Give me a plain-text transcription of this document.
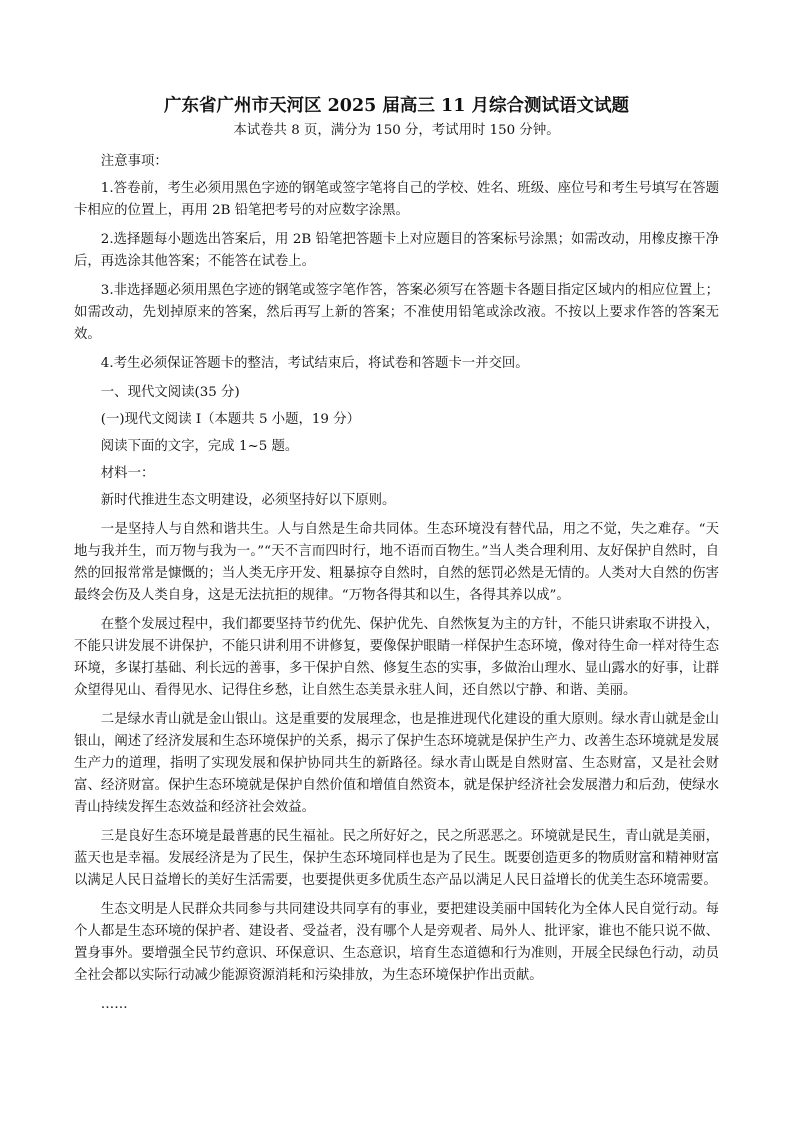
广东省广州市天河区 2025 届高三 11 月综合测试语文试题

本试卷共 8 页，满分为 150 分，考试用时 150 分钟。

注意事项：

1.答卷前，考生必须用黑色字迹的钢笔或签字笔将自己的学校、姓名、班级、座位号和考生号填写在答题卡相应的位置上，再用 2B 铅笔把考号的对应数字涂黑。

2.选择题每小题选出答案后，用 2B 铅笔把答题卡上对应题目的答案标号涂黑；如需改动，用橡皮擦干净后，再选涂其他答案；不能答在试卷上。

3.非选择题必须用黑色字迹的钢笔或签字笔作答，答案必须写在答题卡各题目指定区域内的相应位置上；如需改动，先划掉原来的答案，然后再写上新的答案；不准使用铅笔或涂改液。不按以上要求作答的答案无效。

4.考生必须保证答题卡的整洁，考试结束后，将试卷和答题卡一并交回。

一、现代文阅读(35 分)

(一)现代文阅读 I（本题共 5 小题，19 分）

阅读下面的文字，完成 1~5 题。

材料一：

新时代推进生态文明建设，必须坚持好以下原则。

一是坚持人与自然和谐共生。人与自然是生命共同体。生态环境没有替代品，用之不觉，失之难存。“天地与我并生，而万物与我为一。”“天不言而四时行，地不语而百物生。”当人类合理利用、友好保护自然时，自然的回报常常是慷慨的；当人类无序开发、粗暴掠夺自然时，自然的惩罚必然是无情的。人类对大自然的伤害最终会伤及人类自身，这是无法抗拒的规律。“万物各得其和以生，各得其养以成”。

在整个发展过程中，我们都要坚持节约优先、保护优先、自然恢复为主的方针，不能只讲索取不讲投入，不能只讲发展不讲保护，不能只讲利用不讲修复，要像保护眼睛一样保护生态环境，像对待生命一样对待生态环境，多谋打基础、利长远的善事，多干保护自然、修复生态的实事，多做治山理水、显山露水的好事，让群众望得见山、看得见水、记得住乡愁，让自然生态美景永驻人间，还自然以宁静、和谐、美丽。

二是绿水青山就是金山银山。这是重要的发展理念，也是推进现代化建设的重大原则。绿水青山就是金山银山，阐述了经济发展和生态环境保护的关系，揭示了保护生态环境就是保护生产力、改善生态环境就是发展生产力的道理，指明了实现发展和保护协同共生的新路径。绿水青山既是自然财富、生态财富，又是社会财富、经济财富。保护生态环境就是保护自然价值和增值自然资本，就是保护经济社会发展潜力和后劲，使绿水青山持续发挥生态效益和经济社会效益。

三是良好生态环境是最普惠的民生福祉。民之所好好之，民之所恶恶之。环境就是民生，青山就是美丽，蓝天也是幸福。发展经济是为了民生，保护生态环境同样也是为了民生。既要创造更多的物质财富和精神财富以满足人民日益增长的美好生活需要，也要提供更多优质生态产品以满足人民日益增长的优美生态环境需要。

生态文明是人民群众共同参与共同建设共同享有的事业，要把建设美丽中国转化为全体人民自觉行动。每个人都是生态环境的保护者、建设者、受益者，没有哪个人是旁观者、局外人、批评家，谁也不能只说不做、置身事外。要增强全民节约意识、环保意识、生态意识，培育生态道德和行为准则，开展全民绿色行动，动员全社会都以实际行动减少能源资源消耗和污染排放，为生态环境保护作出贡献。

……
